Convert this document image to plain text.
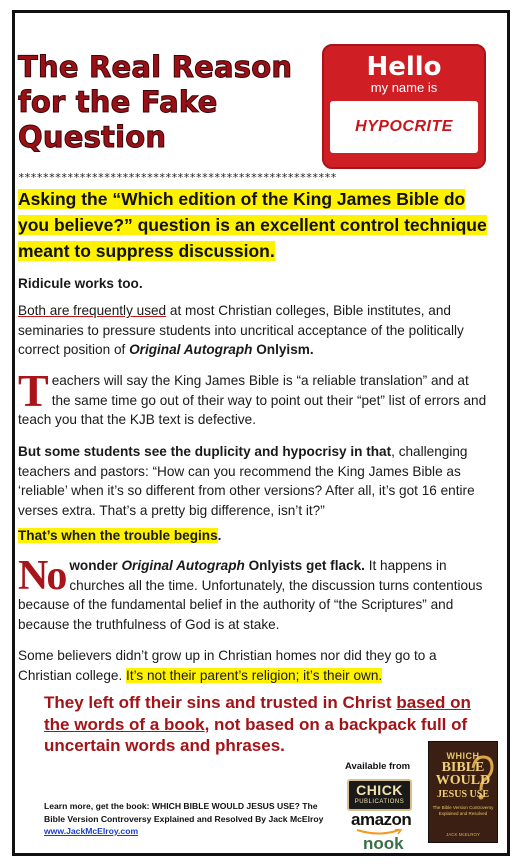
The Real Reason for the Fake Question
Hello
my name is
HYPOCRITE
****************************************************

Asking the “Which edition of the King James Bible do you believe?” question is an excellent control technique meant to suppress discussion.

Ridicule works too.

Both are frequently used at most Christian colleges, Bible institutes, and seminaries to pressure students into uncritical acceptance of the politically correct position of Original Autograph Onlyism.

Teachers will say the King James Bible is “a reliable translation” and at the same time go out of their way to point out their “pet” list of errors and teach you that the KJB text is defective.

But some students see the duplicity and hypocrisy in that, challenging teachers and pastors: “How can you recommend the King James Bible as ‘reliable’ when it’s so different from other versions? After all, it’s got 16 entire verses extra. That’s a pretty big difference, isn’t it?”

That’s when the trouble begins.

No wonder Original Autograph Onlyists get flack. It happens in churches all the time. Unfortunately, the discussion turns contentious because of the fundamental belief in the authority of “the Scriptures” and because the truthfulness of God is at stake.

Some believers didn’t grow up in Christian homes nor did they go to a Christian college. It’s not their parent’s religion; it’s their own.

They left off their sins and trusted in Christ based on the words of a book, not based on a backpack full of uncertain words and phrases.

Available from
CHICK
PUBLICATIONS
amazon
nook
WHICH
BIBLE
WOULD
JESUS USE
The Bible Version Controversy Explained and Resolved
JACK McELROY

Learn more, get the book: WHICH BIBLE WOULD JESUS USE? The Bible Version Controversy Explained and Resolved By Jack McElroy www.JackMcElroy.com
